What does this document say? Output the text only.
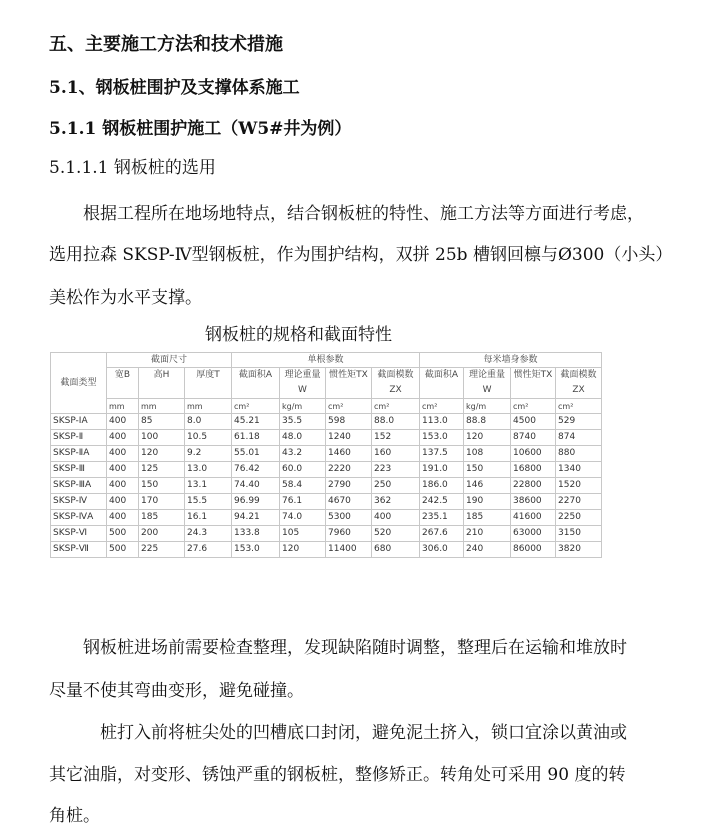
五、主要施工方法和技术措施
5.1、钢板桩围护及支撑体系施工
5.1.1 钢板桩围护施工（W5#井为例）
5.1.1.1 钢板桩的选用
　　根据工程所在地场地特点，结合钢板桩的特性、施工方法等方面进行考虑，
选用拉森 SKSP-Ⅳ型钢板桩，作为围护结构，双拼 25b 槽钢回檩与Ø300（小头）
美松作为水平支撑。
钢板桩的规格和截面特性
截面类型	截面尺寸			单根参数				每米墙身参数			
	宽B	高H	厚度T	截面积A	理论重量W	惯性矩TX	截面模数ZX	截面积A	理论重量W	惯性矩TX	截面模数ZX
	mm	mm	mm	cm²	kg/m	cm²	cm²	cm²	kg/m	cm²	cm²
SKSP-ⅠA	400	85	8.0	45.21	35.5	598	88.0	113.0	88.8	4500	529
SKSP-Ⅱ	400	100	10.5	61.18	48.0	1240	152	153.0	120	8740	874
SKSP-ⅡA	400	120	9.2	55.01	43.2	1460	160	137.5	108	10600	880
SKSP-Ⅲ	400	125	13.0	76.42	60.0	2220	223	191.0	150	16800	1340
SKSP-ⅢA	400	150	13.1	74.40	58.4	2790	250	186.0	146	22800	1520
SKSP-Ⅳ	400	170	15.5	96.99	76.1	4670	362	242.5	190	38600	2270
SKSP-ⅣA	400	185	16.1	94.21	74.0	5300	400	235.1	185	41600	2250
SKSP-Ⅵ	500	200	24.3	133.8	105	7960	520	267.6	210	63000	3150
SKSP-Ⅶ	500	225	27.6	153.0	120	11400	680	306.0	240	86000	3820
　　钢板桩进场前需要检查整理，发现缺陷随时调整，整理后在运输和堆放时
尽量不使其弯曲变形，避免碰撞。
　　　桩打入前将桩尖处的凹槽底口封闭，避免泥土挤入，锁口宜涂以黄油或
其它油脂，对变形、锈蚀严重的钢板桩，整修矫正。转角处可采用 90 度的转
角桩。
